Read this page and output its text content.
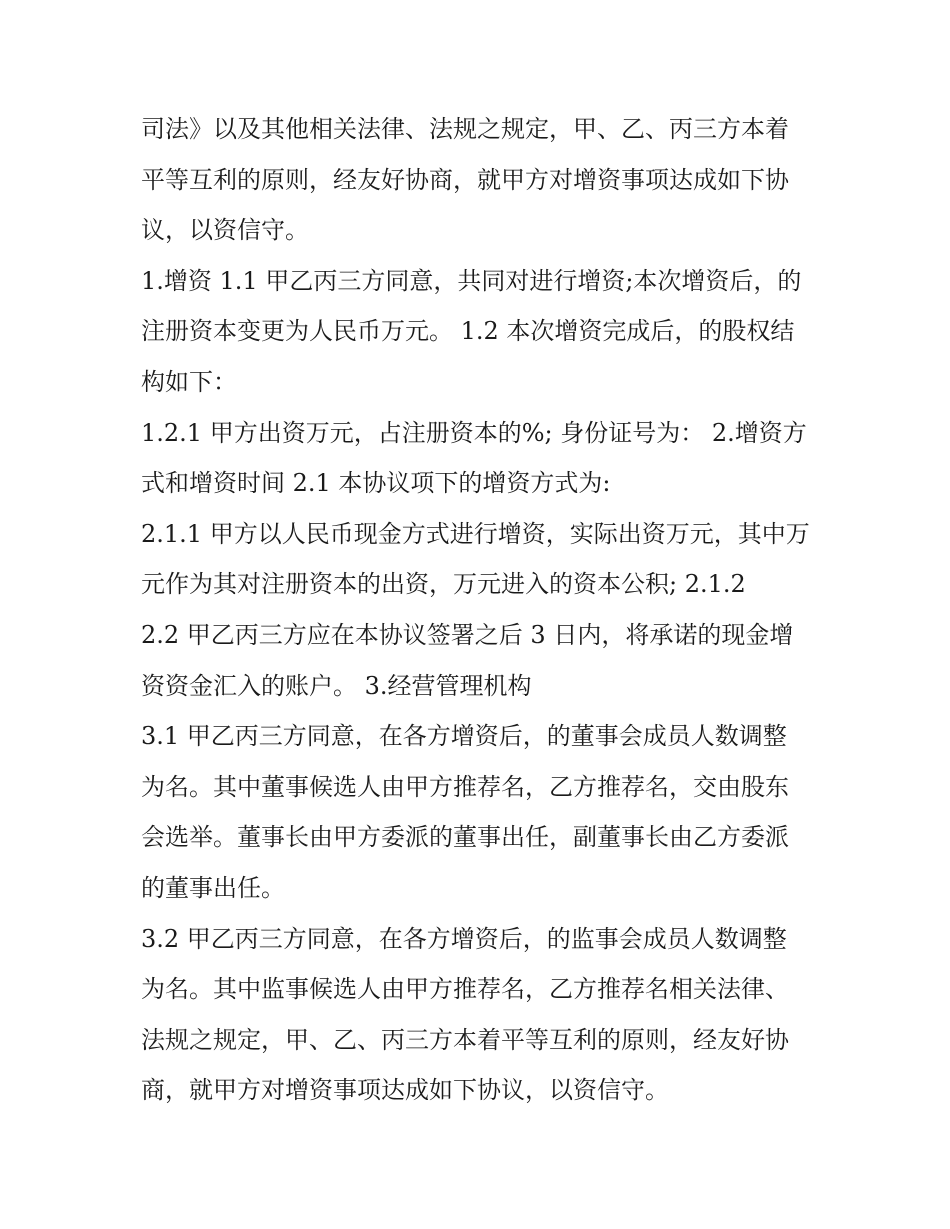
司法》以及其他相关法律、法规之规定，甲、乙、丙三方本着
平等互利的原则，经友好协商，就甲方对增资事项达成如下协
议，以资信守。
1.增资 1.1 甲乙丙三方同意，共同对进行增资;本次增资后，的
注册资本变更为人民币万元。 1.2 本次增资完成后，的股权结
构如下：
1.2.1 甲方出资万元，占注册资本的%; 身份证号为： 2.增资方
式和增资时间 2.1 本协议项下的增资方式为:
2.1.1 甲方以人民币现金方式进行增资，实际出资万元，其中万
元作为其对注册资本的出资，万元进入的资本公积; 2.1.2
2.2 甲乙丙三方应在本协议签署之后 3 日内，将承诺的现金增
资资金汇入的账户。 3.经营管理机构
3.1 甲乙丙三方同意，在各方增资后，的董事会成员人数调整
为名。其中董事候选人由甲方推荐名，乙方推荐名，交由股东
会选举。董事长由甲方委派的董事出任，副董事长由乙方委派
的董事出任。
3.2 甲乙丙三方同意，在各方增资后，的监事会成员人数调整
为名。其中监事候选人由甲方推荐名，乙方推荐名相关法律、
法规之规定，甲、乙、丙三方本着平等互利的原则，经友好协
商，就甲方对增资事项达成如下协议，以资信守。
